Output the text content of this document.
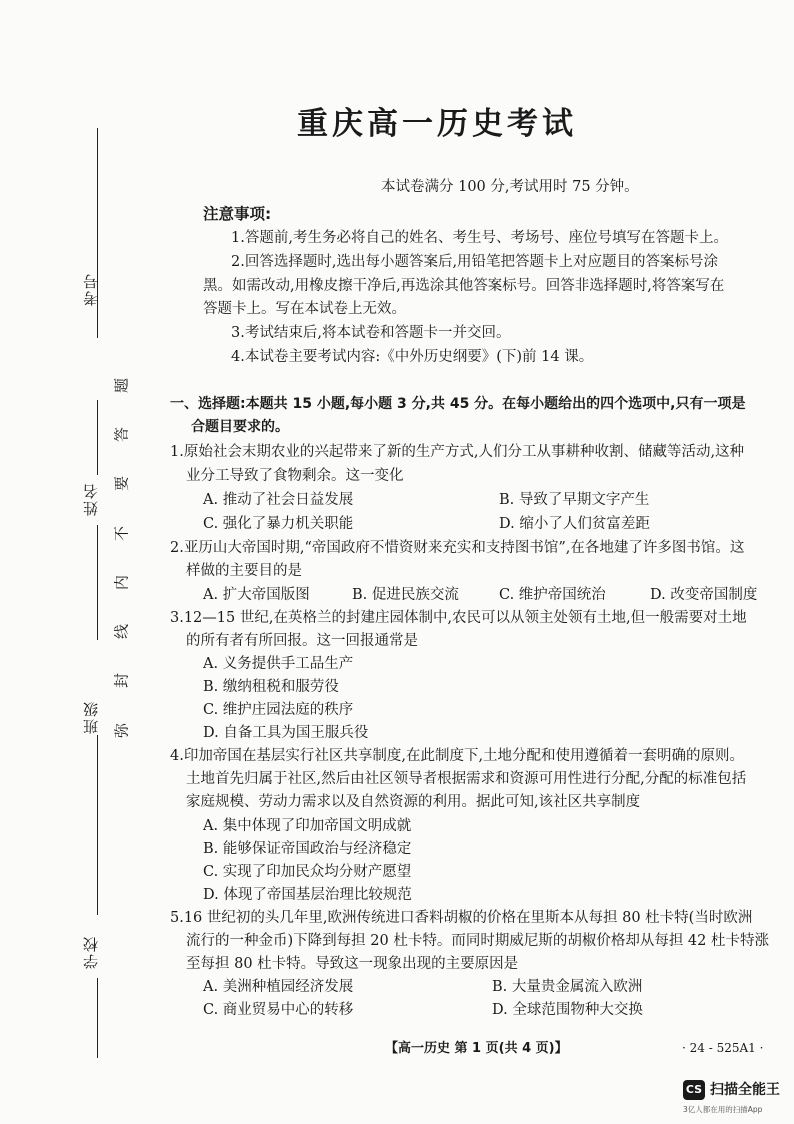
考号
姓名
班级
学校
题
答
要
不
内
线
封
弥
重庆高一历史考试
本试卷满分 100 分,考试用时 75 分钟。
注意事项:
1.答题前,考生务必将自己的姓名、考生号、考场号、座位号填写在答题卡上。
2.回答选择题时,选出每小题答案后,用铅笔把答题卡上对应题目的答案标号涂
黑。如需改动,用橡皮擦干净后,再选涂其他答案标号。回答非选择题时,将答案写在
答题卡上。写在本试卷上无效。
3.考试结束后,将本试卷和答题卡一并交回。
4.本试卷主要考试内容:《中外历史纲要》(下)前 14 课。
一、选择题:本题共 15 小题,每小题 3 分,共 45 分。在每小题给出的四个选项中,只有一项是
合题目要求的。
1.原始社会末期农业的兴起带来了新的生产方式,人们分工从事耕种收割、储藏等活动,这种
业分工导致了食物剩余。这一变化
A. 推动了社会日益发展	B. 导致了早期文字产生
C. 强化了暴力机关职能	D. 缩小了人们贫富差距
2.亚历山大帝国时期,“帝国政府不惜资财来充实和支持图书馆”,在各地建了许多图书馆。这
样做的主要目的是
A. 扩大帝国版图	B. 促进民族交流	C. 维护帝国统治	D. 改变帝国制度
3.12—15 世纪,在英格兰的封建庄园体制中,农民可以从领主处领有土地,但一般需要对土地
的所有者有所回报。这一回报通常是
A. 义务提供手工品生产
B. 缴纳租税和服劳役
C. 维护庄园法庭的秩序
D. 自备工具为国王服兵役
4.印加帝国在基层实行社区共享制度,在此制度下,土地分配和使用遵循着一套明确的原则。
土地首先归属于社区,然后由社区领导者根据需求和资源可用性进行分配,分配的标准包括
家庭规模、劳动力需求以及自然资源的利用。据此可知,该社区共享制度
A. 集中体现了印加帝国文明成就
B. 能够保证帝国政治与经济稳定
C. 实现了印加民众均分财产愿望
D. 体现了帝国基层治理比较规范
5.16 世纪初的头几年里,欧洲传统进口香料胡椒的价格在里斯本从每担 80 杜卡特(当时欧洲
流行的一种金币)下降到每担 20 杜卡特。而同时期威尼斯的胡椒价格却从每担 42 杜卡特涨
至每担 80 杜卡特。导致这一现象出现的主要原因是
A. 美洲种植园经济发展	B. 大量贵金属流入欧洲
C. 商业贸易中心的转移	D. 全球范围物种大交换
【高一历史 第 1 页(共 4 页)】	· 24 - 525A1 ·
CS 扫描全能王
3亿人都在用的扫描App
